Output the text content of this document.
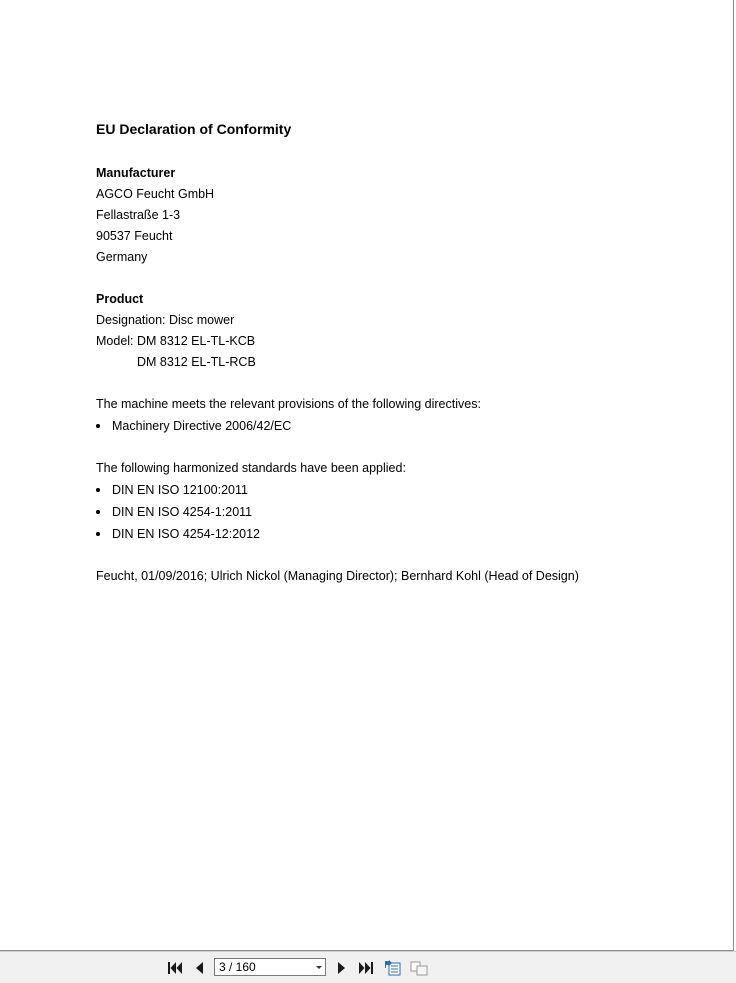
EU Declaration of Conformity
Manufacturer
AGCO Feucht GmbH
Fellastraße 1-3
90537 Feucht
Germany
Product
Designation: Disc mower
Model: DM 8312 EL-TL-KCB
DM 8312 EL-TL-RCB
The machine meets the relevant provisions of the following directives:
Machinery Directive 2006/42/EC
The following harmonized standards have been applied:
DIN EN ISO 12100:2011
DIN EN ISO 4254-1:2011
DIN EN ISO 4254-12:2012
Feucht, 01/09/2016; Ulrich Nickol (Managing Director); Bernhard Kohl (Head of Design)
3 / 160
